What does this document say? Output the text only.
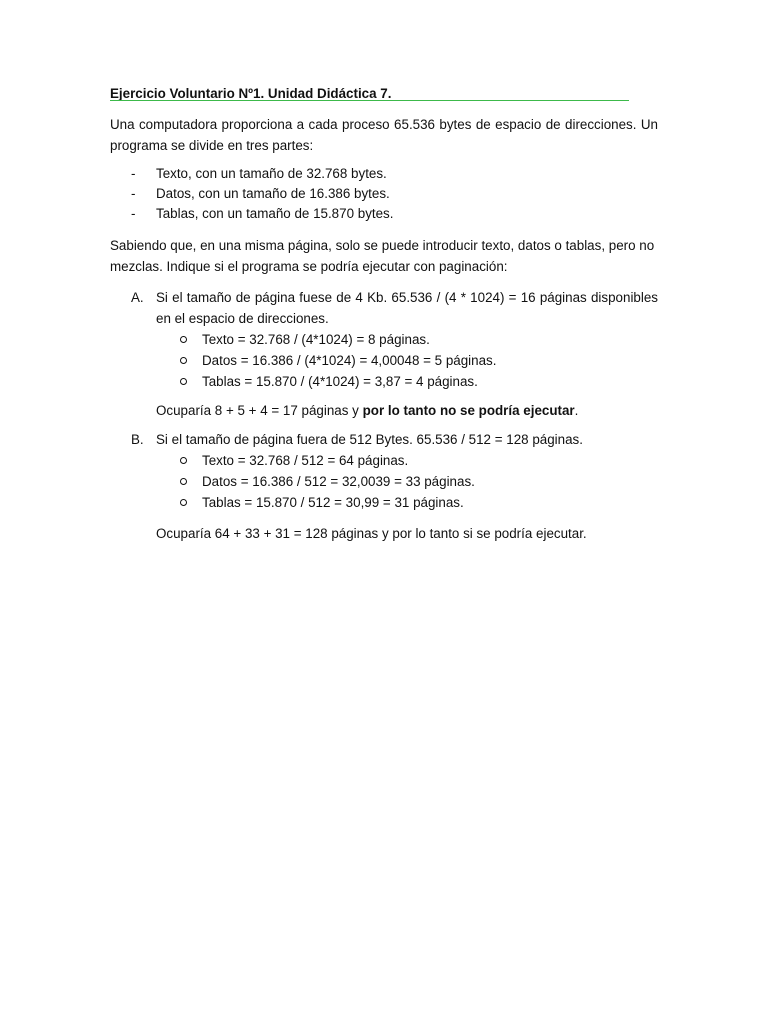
Ejercicio Voluntario Nº1. Unidad Didáctica 7.

Una computadora proporciona a cada proceso 65.536 bytes de espacio de direcciones. Un programa se divide en tres partes:

- Texto, con un tamaño de 32.768 bytes.
- Datos, con un tamaño de 16.386 bytes.
- Tablas, con un tamaño de 15.870 bytes.

Sabiendo que, en una misma página, solo se puede introducir texto, datos o tablas, pero no mezclas. Indique si el programa se podría ejecutar con paginación:

A. Si el tamaño de página fuese de 4 Kb. 65.536 / (4 * 1024) = 16 páginas disponibles en el espacio de direcciones.

Texto = 32.768 / (4*1024) = 8 páginas.
Datos = 16.386 / (4*1024) = 4,00048 = 5 páginas.
Tablas = 15.870 / (4*1024) = 3,87 = 4 páginas.

Ocuparía 8 + 5 + 4 = 17 páginas y por lo tanto no se podría ejecutar.

B. Si el tamaño de página fuera de 512 Bytes. 65.536 / 512 = 128 páginas.

Texto = 32.768 / 512 = 64 páginas.
Datos = 16.386 / 512 = 32,0039 = 33 páginas.
Tablas = 15.870 / 512 = 30,99 = 31 páginas.

Ocuparía 64 + 33 + 31 = 128 páginas y por lo tanto si se podría ejecutar.
